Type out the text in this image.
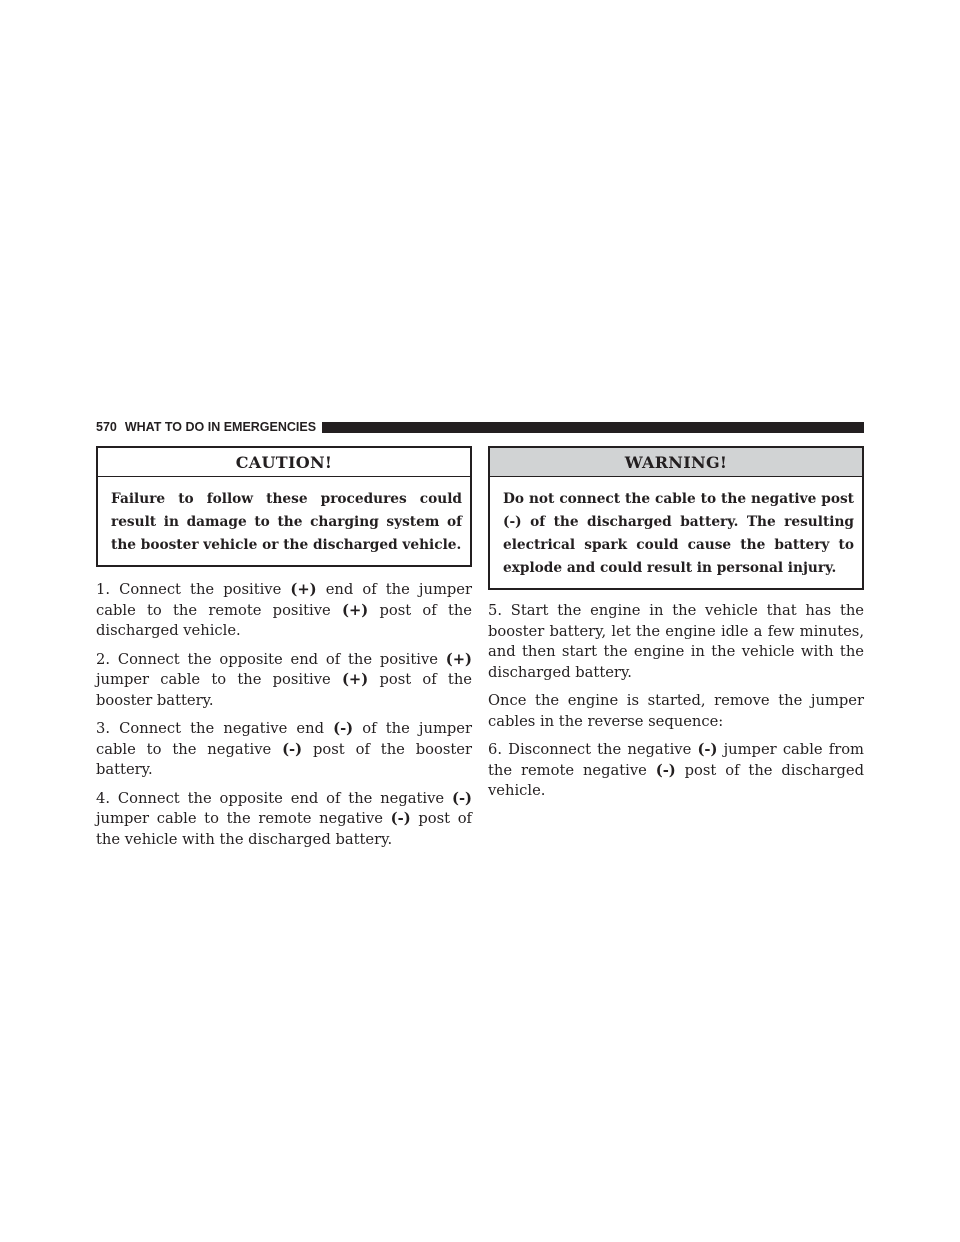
570 WHAT TO DO IN EMERGENCIES
CAUTION!
Failure to follow these procedures could result in damage to the charging system of the booster vehicle or the discharged vehicle.

1. Connect the positive (+) end of the jumper cable to the remote positive (+) post of the discharged vehicle.

2. Connect the opposite end of the positive (+) jumper cable to the positive (+) post of the booster battery.

3. Connect the negative end (-) of the jumper cable to the negative (-) post of the booster battery.

4. Connect the opposite end of the negative (-) jumper cable to the remote negative (-) post of the vehicle with the discharged battery.

WARNING!
Do not connect the cable to the negative post (-) of the discharged battery. The resulting electrical spark could cause the battery to explode and could result in personal injury.

5. Start the engine in the vehicle that has the booster battery, let the engine idle a few minutes, and then start the engine in the vehicle with the discharged battery.

Once the engine is started, remove the jumper cables in the reverse sequence:

6. Disconnect the negative (-) jumper cable from the remote negative (-) post of the discharged vehicle.
